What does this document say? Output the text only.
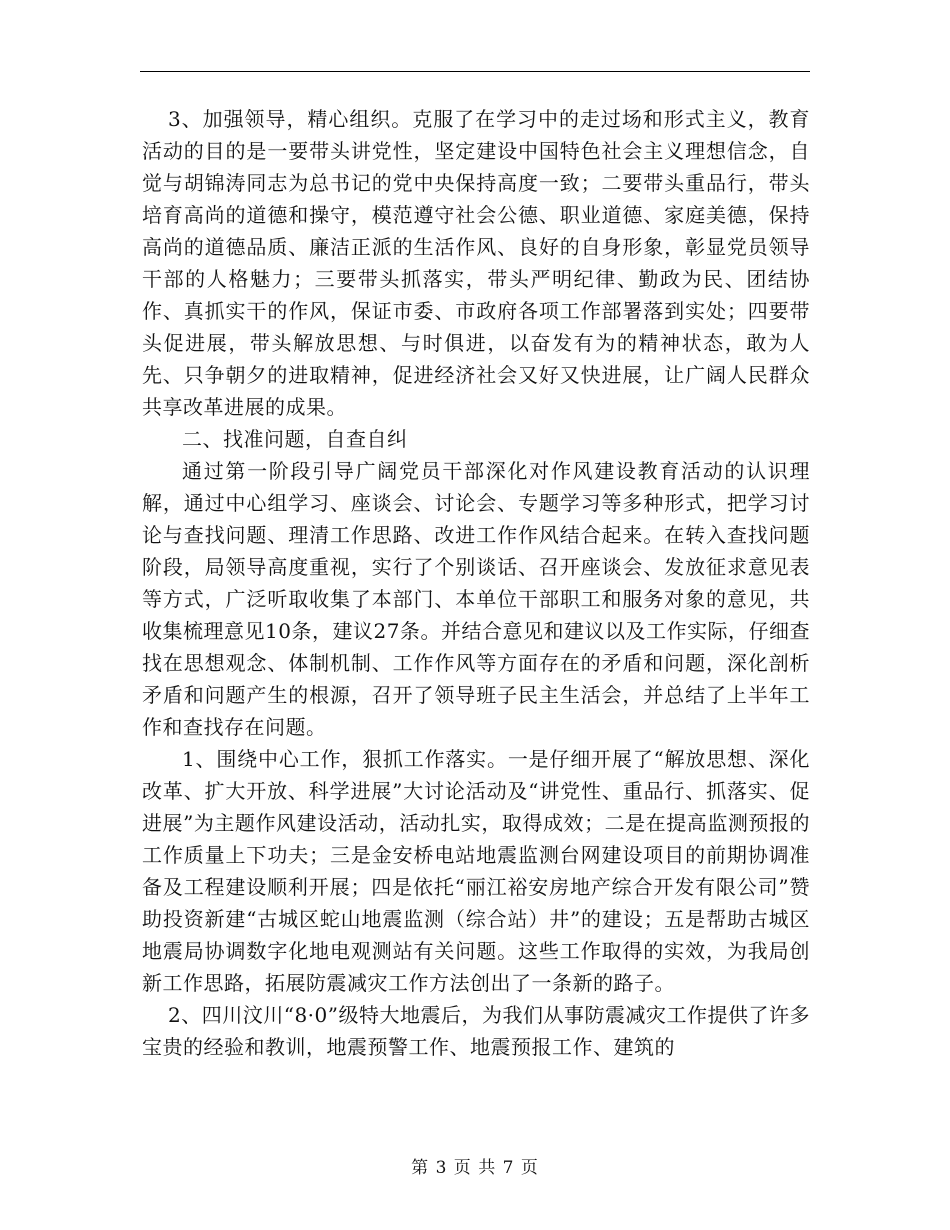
3、加强领导，精心组织。克服了在学习中的走过场和形式主义，教育活动的目的是一要带头讲党性，坚定建设中国特色社会主义理想信念，自觉与胡锦涛同志为总书记的党中央保持高度一致；二要带头重品行，带头培育高尚的道德和操守，模范遵守社会公德、职业道德、家庭美德，保持高尚的道德品质、廉洁正派的生活作风、良好的自身形象，彰显党员领导干部的人格魅力；三要带头抓落实，带头严明纪律、勤政为民、团结协作、真抓实干的作风，保证市委、市政府各项工作部署落到实处；四要带头促进展，带头解放思想、与时俱进，以奋发有为的精神状态，敢为人先、只争朝夕的进取精神，促进经济社会又好又快进展，让广阔人民群众共享改革进展的成果。

二、找准问题，自查自纠

通过第一阶段引导广阔党员干部深化对作风建设教育活动的认识理解，通过中心组学习、座谈会、讨论会、专题学习等多种形式，把学习讨论与查找问题、理清工作思路、改进工作作风结合起来。在转入查找问题阶段，局领导高度重视，实行了个别谈话、召开座谈会、发放征求意见表等方式，广泛听取收集了本部门、本单位干部职工和服务对象的意见，共收集梳理意见10条，建议27条。并结合意见和建议以及工作实际，仔细查找在思想观念、体制机制、工作作风等方面存在的矛盾和问题，深化剖析矛盾和问题产生的根源，召开了领导班子民主生活会，并总结了上半年工作和查找存在问题。

1、围绕中心工作，狠抓工作落实。一是仔细开展了“解放思想、深化改革、扩大开放、科学进展”大讨论活动及“讲党性、重品行、抓落实、促进展”为主题作风建设活动，活动扎实，取得成效；二是在提高监测预报的工作质量上下功夫；三是金安桥电站地震监测台网建设项目的前期协调准备及工程建设顺利开展；四是依托“丽江裕安房地产综合开发有限公司”赞助投资新建“古城区蛇山地震监测（综合站）井”的建设；五是帮助古城区地震局协调数字化地电观测站有关问题。这些工作取得的实效，为我局创新工作思路，拓展防震减灾工作方法创出了一条新的路子。

2、四川汶川“8·0”级特大地震后，为我们从事防震减灾工作提供了许多宝贵的经验和教训，地震预警工作、地震预报工作、建筑的

第 3 页 共 7 页
